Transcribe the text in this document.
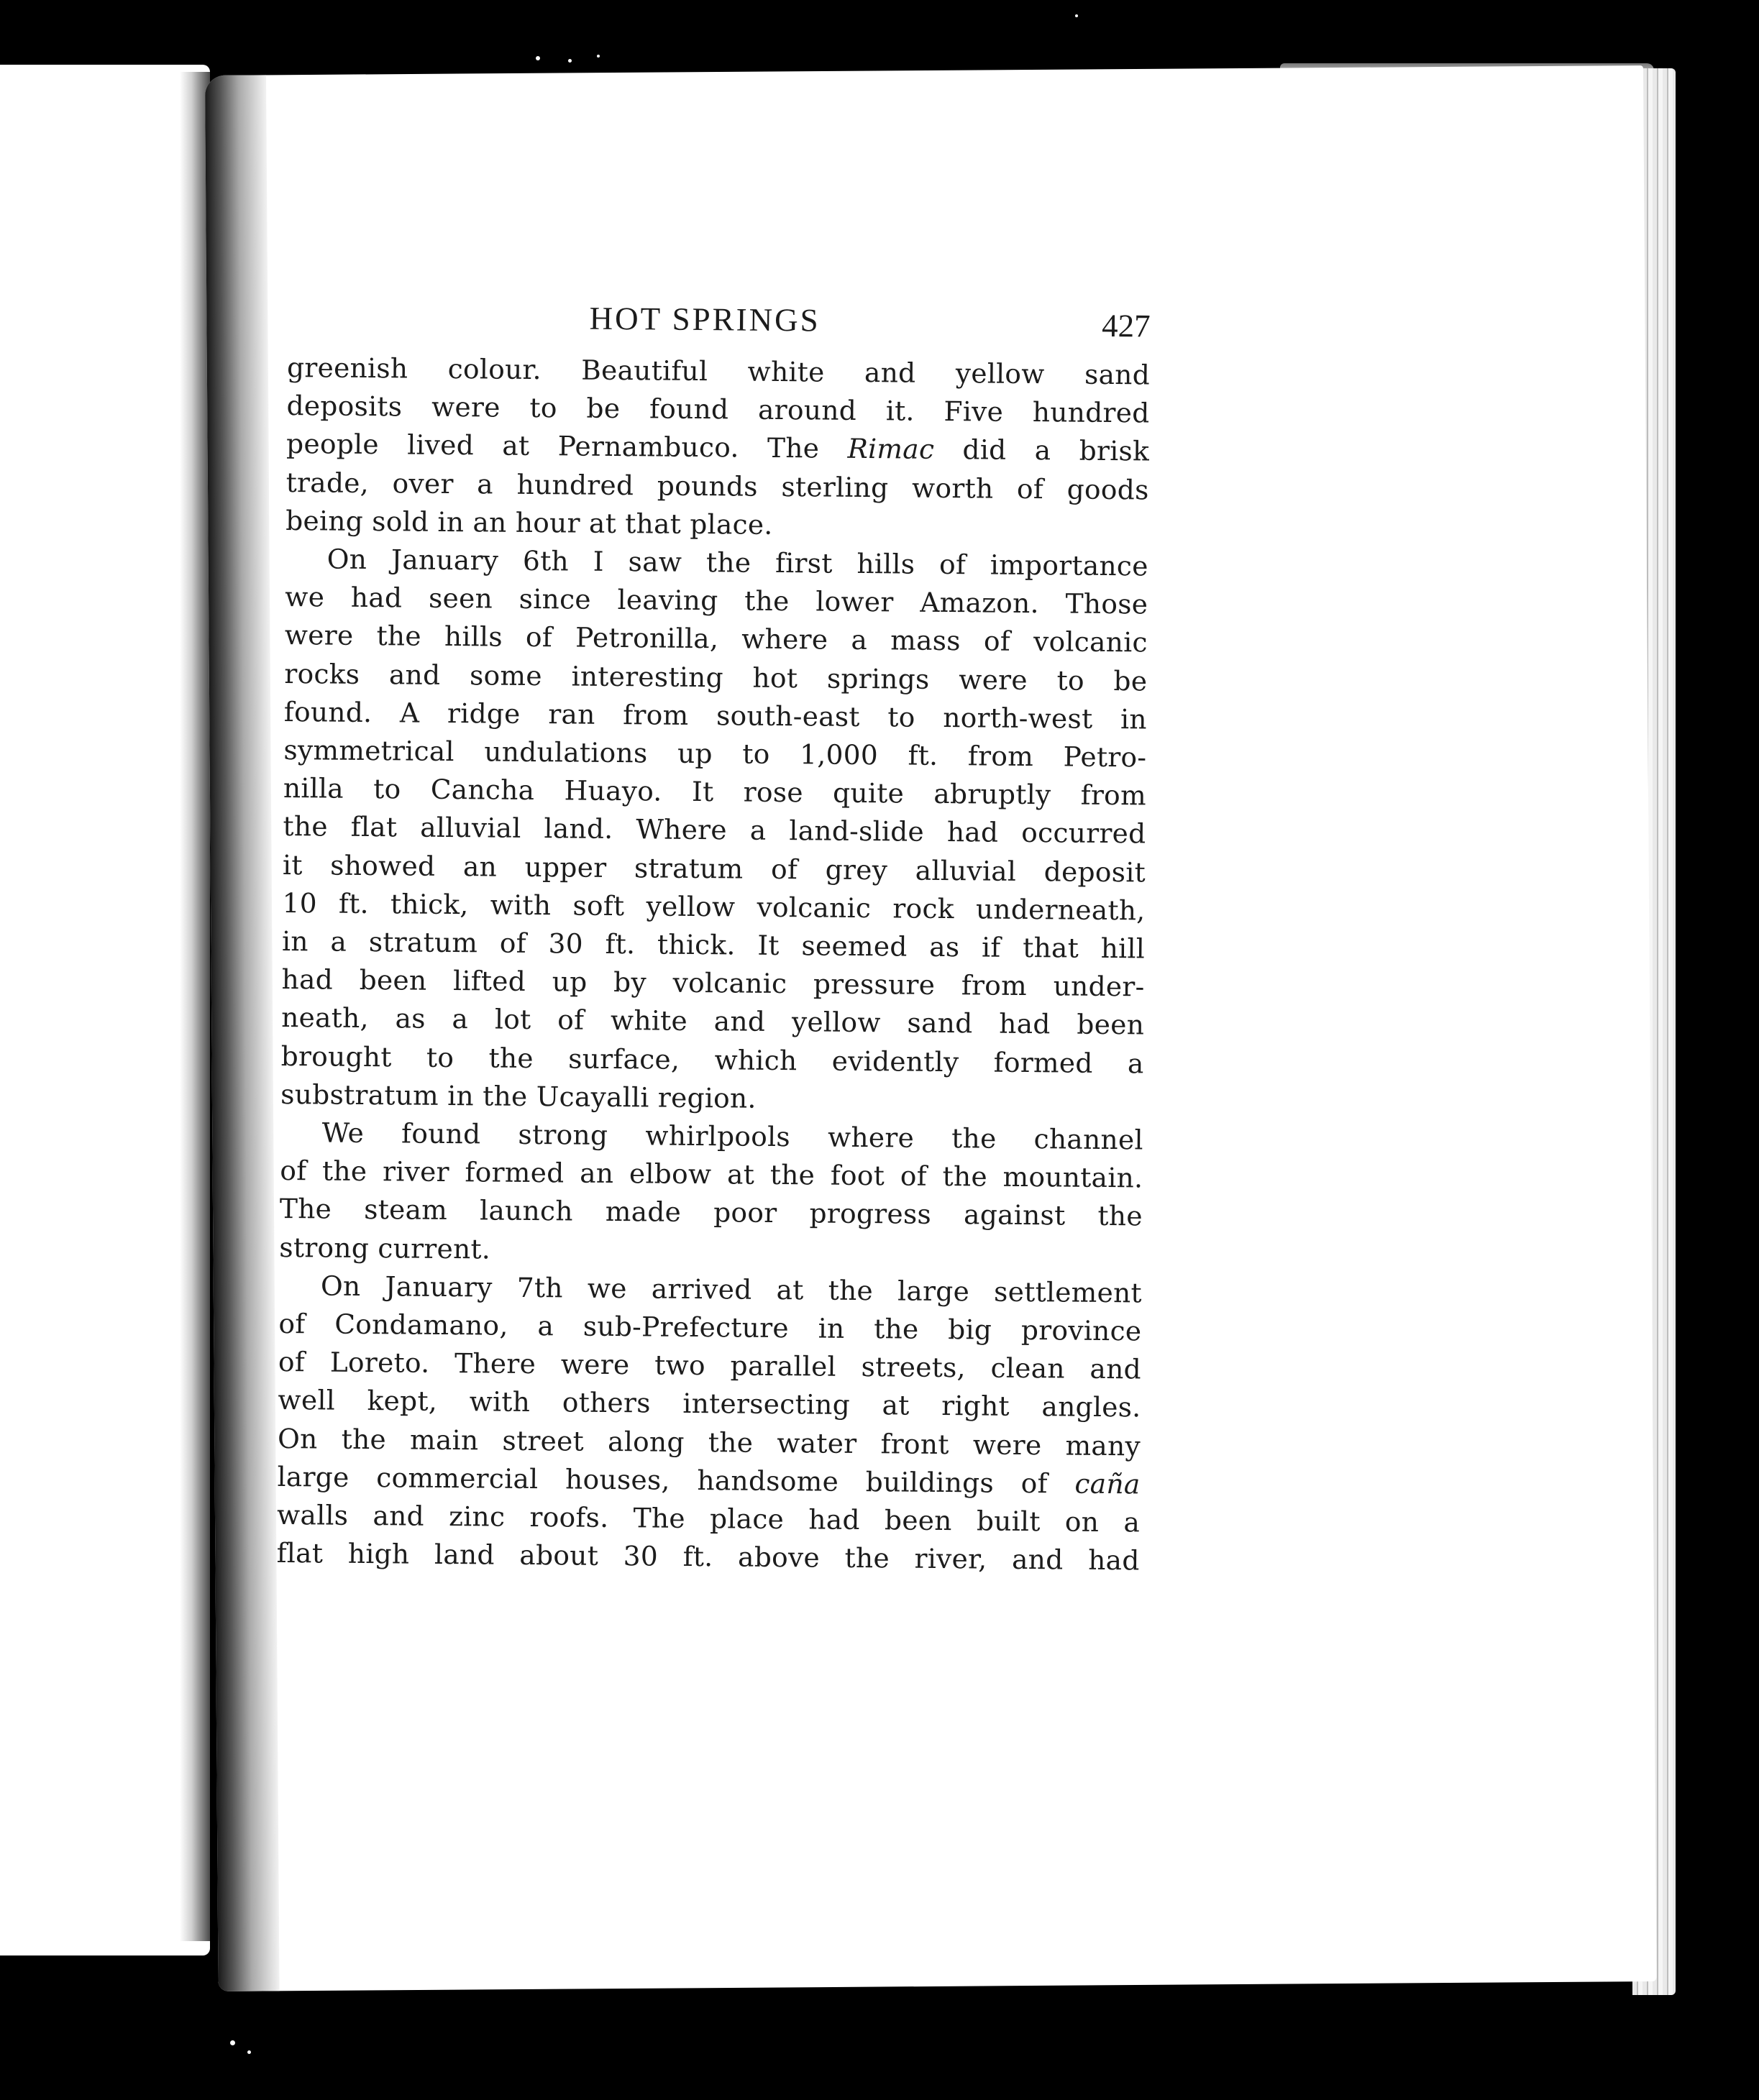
HOT SPRINGS	427
greenish colour. Beautiful white and yellow sand
deposits were to be found around it. Five hundred
people lived at Pernambuco. The Rimac did a brisk
trade, over a hundred pounds sterling worth of goods
being sold in an hour at that place.
On January 6th I saw the first hills of importance
we had seen since leaving the lower Amazon. Those
were the hills of Petronilla, where a mass of volcanic
rocks and some interesting hot springs were to be
found. A ridge ran from south-east to north-west in
symmetrical undulations up to 1,000 ft. from Petro-
nilla to Cancha Huayo. It rose quite abruptly from
the flat alluvial land. Where a land-slide had occurred
it showed an upper stratum of grey alluvial deposit
10 ft. thick, with soft yellow volcanic rock underneath,
in a stratum of 30 ft. thick. It seemed as if that hill
had been lifted up by volcanic pressure from under-
neath, as a lot of white and yellow sand had been
brought to the surface, which evidently formed a
substratum in the Ucayalli region.
We found strong whirlpools where the channel
of the river formed an elbow at the foot of the mountain.
The steam launch made poor progress against the
strong current.
On January 7th we arrived at the large settlement
of Condamano, a sub-Prefecture in the big province
of Loreto. There were two parallel streets, clean and
well kept, with others intersecting at right angles.
On the main street along the water front were many
large commercial houses, handsome buildings of caña
walls and zinc roofs. The place had been built on a
flat high land about 30 ft. above the river, and had
